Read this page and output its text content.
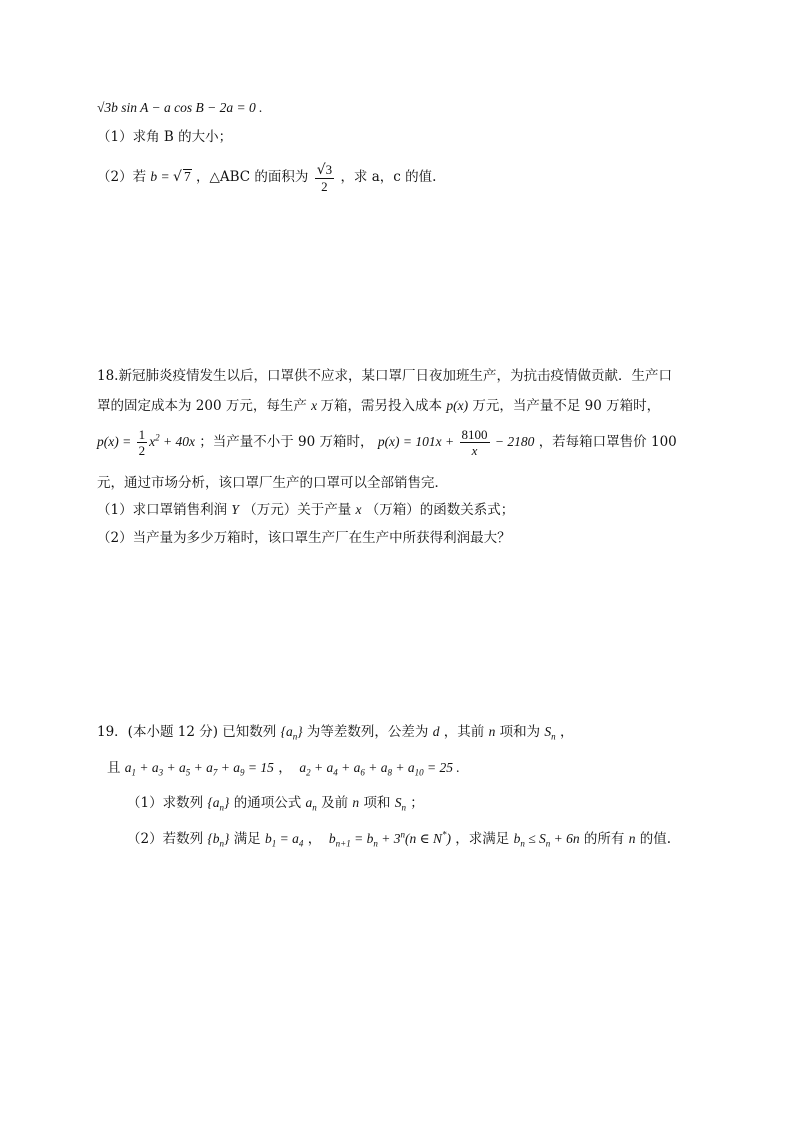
√3b sin A − a cos B − 2a = 0 .
（1）求角 B 的大小；
（2）若 b = √ 7 ，△ABC 的面积为 $\frac{√3}{2}$ ，求 a，c 的值.
18.新冠肺炎疫情发生以后，口罩供不应求，某口罩厂日夜加班生产，为抗击疫情做贡献．生产口
罩的固定成本为 200 万元，每生产 x 万箱，需另投入成本 p(x) 万元，当产量不足 90 万箱时，
$p(x) = \frac{1}{2} x^2 + 40x$ ；当产量不小于 90 万箱时， $p(x) = 101x + \frac{8100}{x} - 2180$ ，若每箱口罩售价 100
元，通过市场分析，该口罩厂生产的口罩可以全部销售完．
（1）求口罩销售利润 Y （万元）关于产量 x （万箱）的函数关系式；
（2）当产量为多少万箱时，该口罩生产厂在生产中所获得利润最大？
19．(本小题 12 分) 已知数列 $\{a_n\}$ 为等差数列，公差为 d ，其前 n 项和为 $S_n$ ，
且 $a_1 + a_3 + a_5 + a_7 + a_9 = 15$ ，  $a_2 + a_4 + a_6 + a_8 + a_{10} = 25$ .
（1）求数列 $\{a_n\}$ 的通项公式 $a_n$ 及前 n 项和 $S_n$ ；
（2）若数列 $\{b_n\}$ 满足 $b_1 = a_4$ ，  $b_{n+1} = b_n + 3^n(n$ ∈ N*) ，求满足 $b_n \le S_n + 6n$ 的所有 n 的值.
